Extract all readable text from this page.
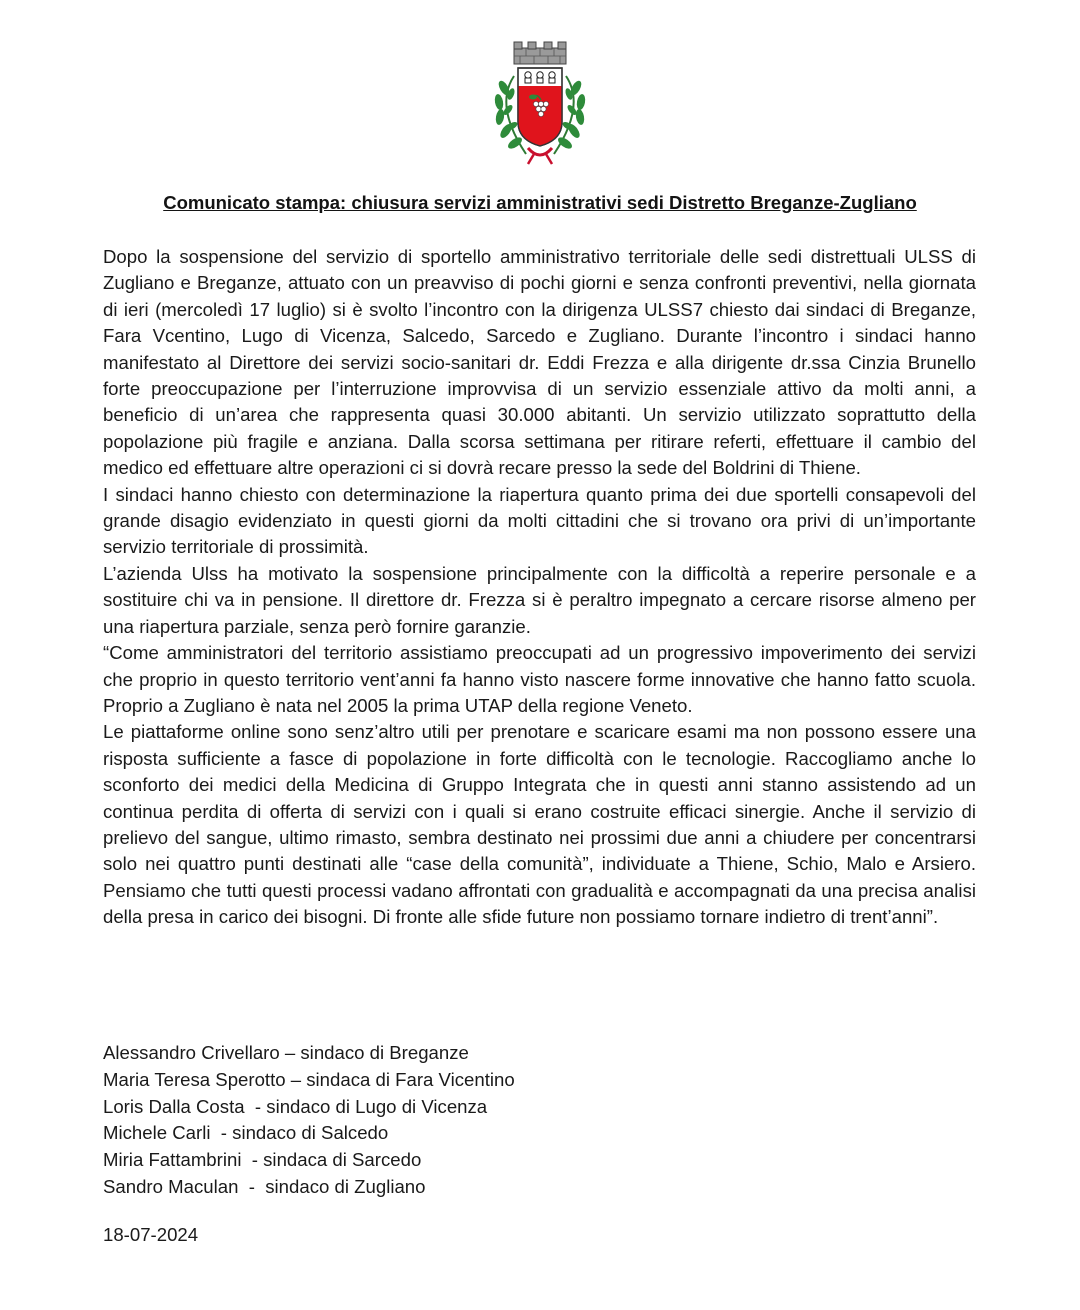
Comunicato stampa: chiusura servizi amministrativi sedi Distretto Breganze-Zugliano

Dopo la sospensione del servizio di sportello amministrativo territoriale delle sedi distrettuali ULSS di Zugliano e Breganze, attuato con un preavviso di pochi giorni e senza confronti preventivi, nella giornata di ieri (mercoledì 17 luglio) si è svolto l’incontro con la dirigenza ULSS7 chiesto dai sindaci di Breganze, Fara Vcentino, Lugo di Vicenza, Salcedo, Sarcedo e Zugliano. Durante l’incontro i sindaci hanno manifestato al Direttore dei servizi socio-sanitari dr. Eddi Frezza e alla dirigente dr.ssa Cinzia Brunello forte preoccupazione per l’interruzione improvvisa di un servizio essenziale attivo da molti anni, a beneficio di un’area che rappresenta quasi 30.000 abitanti. Un servizio utilizzato soprattutto della popolazione più fragile e anziana. Dalla scorsa settimana per ritirare referti, effettuare il cambio del medico ed effettuare altre operazioni ci si dovrà recare presso la sede del Boldrini di Thiene.

I sindaci hanno chiesto con determinazione la riapertura quanto prima dei due sportelli consapevoli del grande disagio evidenziato in questi giorni da molti cittadini che si trovano ora privi di un’importante servizio territoriale di prossimità.

L’azienda Ulss ha motivato la sospensione principalmente con la difficoltà a reperire personale e a sostituire chi va in pensione. Il direttore dr. Frezza si è peraltro impegnato a cercare risorse almeno per una riapertura parziale, senza però fornire garanzie.

“Come amministratori del territorio assistiamo preoccupati ad un progressivo impoverimento dei servizi che proprio in questo territorio vent’anni fa hanno visto nascere forme innovative che hanno fatto scuola. Proprio a Zugliano è nata nel 2005 la prima UTAP della regione Veneto.

Le piattaforme online sono senz’altro utili per prenotare e scaricare esami ma non possono essere una risposta sufficiente a fasce di popolazione in forte difficoltà con le tecnologie. Raccogliamo anche lo sconforto dei medici della Medicina di Gruppo Integrata che in questi anni stanno assistendo ad un continua perdita di offerta di servizi con i quali si erano costruite efficaci sinergie. Anche il servizio di prelievo del sangue, ultimo rimasto, sembra destinato nei prossimi due anni a chiudere per concentrarsi solo nei quattro punti destinati alle “case della comunità”, individuate a Thiene, Schio, Malo e Arsiero. Pensiamo che tutti questi processi vadano affrontati con gradualità e accompagnati da una precisa analisi della presa in carico dei bisogni. Di fronte alle sfide future non possiamo tornare indietro di trent’anni”.

Alessandro Crivellaro – sindaco di Breganze
Maria Teresa Sperotto – sindaca di Fara Vicentino
Loris Dalla Costa  - sindaco di Lugo di Vicenza
Michele Carli  - sindaco di Salcedo
Miria Fattambrini  - sindaca di Sarcedo
Sandro Maculan  -  sindaco di Zugliano
18-07-2024
